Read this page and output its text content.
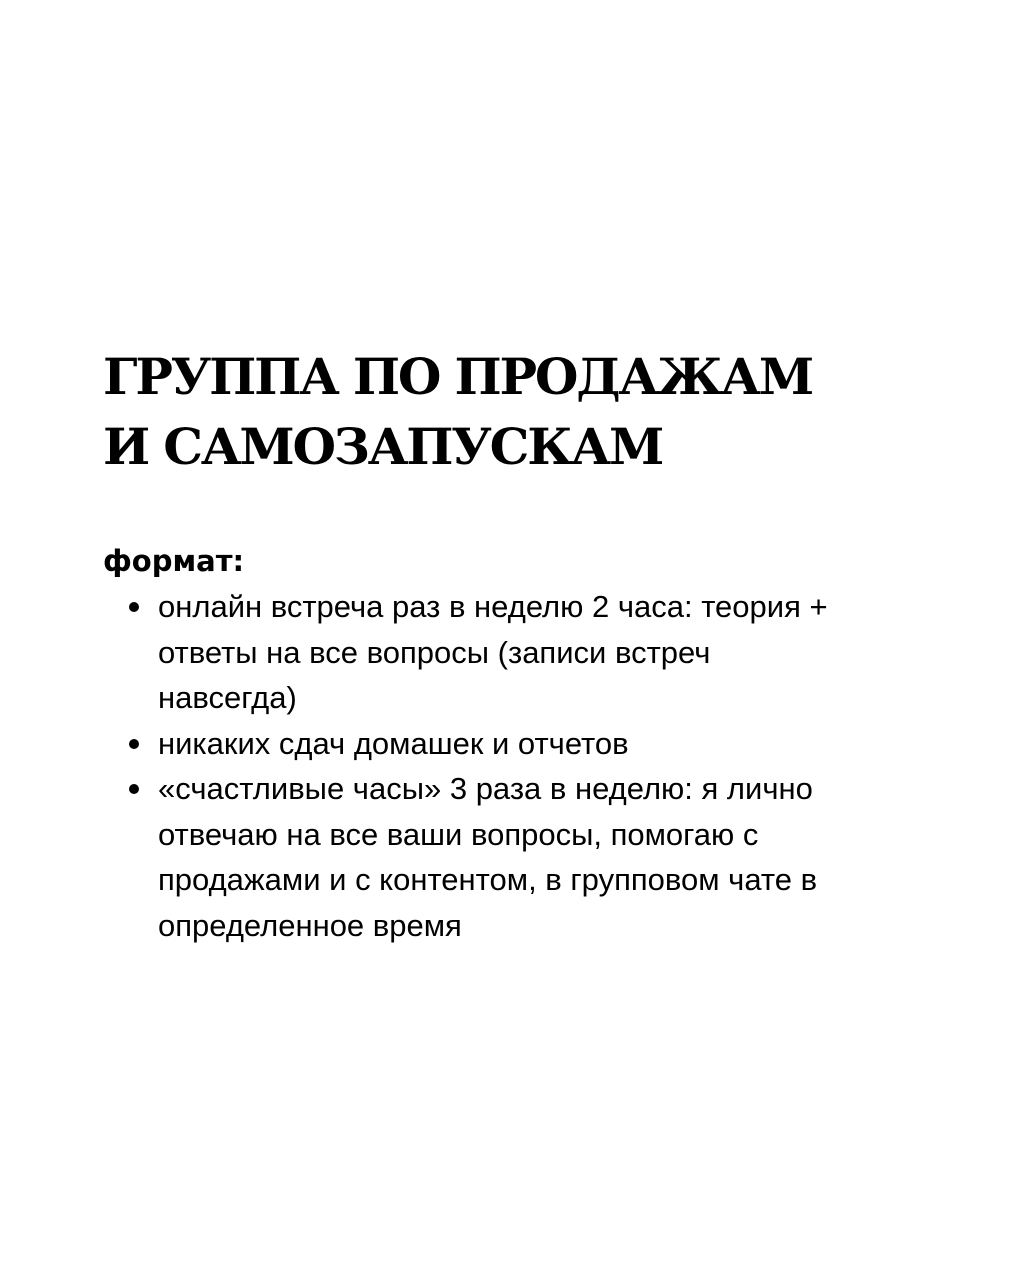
ГРУППА ПО ПРОДАЖАМ
И САМОЗАПУСКАМ

формат:

онлайн встреча раз в неделю 2 часа: теория +
ответы на все вопросы (записи встреч
навсегда)
никаких сдач домашек и отчетов
«счастливые часы» 3 раза в неделю: я лично
отвечаю на все ваши вопросы, помогаю с
продажами и с контентом, в групповом чате в
определенное время
